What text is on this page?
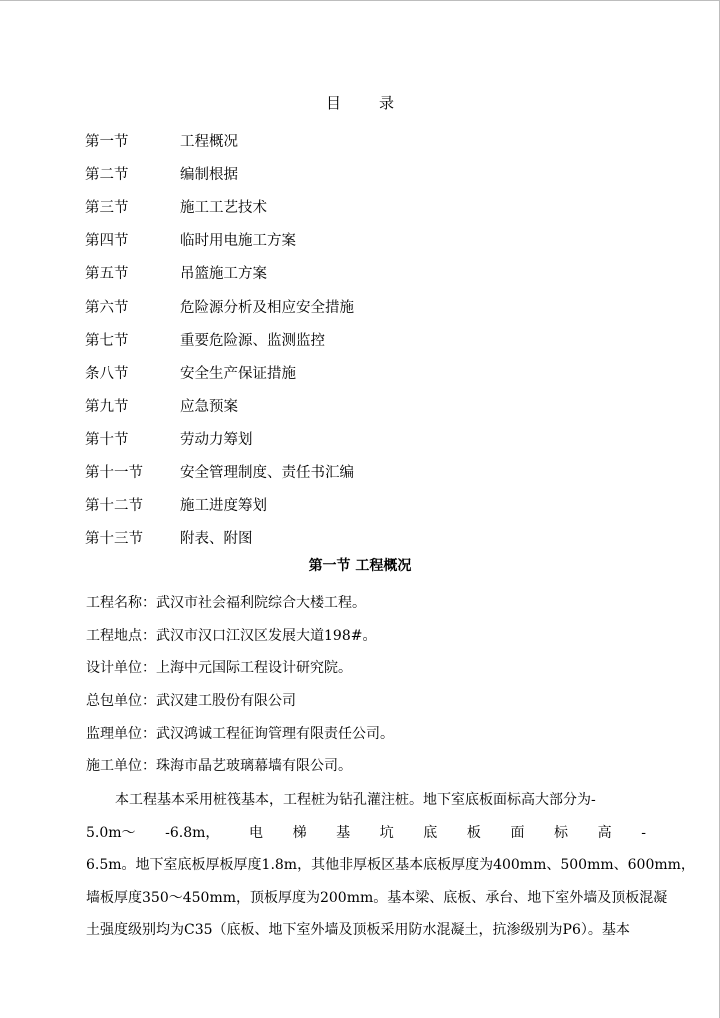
目	录
第一节	工程概况
第二节	编制根据
第三节	施工工艺技术
第四节	临时用电施工方案
第五节	吊篮施工方案
第六节	危险源分析及相应安全措施
第七节	重要危险源、监测监控
条八节	安全生产保证措施
第九节	应急预案
第十节	劳动力筹划
第十一节	安全管理制度、责任书汇编
第十二节	施工进度筹划
第十三节	附表、附图
第一节 工程概况
工程名称： 武汉市社会福利院综合大楼工程。
工程地点： 武汉市汉口江汉区发展大道198#。
设计单位： 上海中元国际工程设计研究院。
总包单位： 武汉建工股份有限公司
监理单位： 武汉鸿诚工程征询管理有限责任公司。
施工单位： 珠海市晶艺玻璃幕墙有限公司。
本工程基本采用桩筏基本，工程桩为钻孔灌注桩。地下室底板面标高大部分为-
5.0m～ -6.8m， 电 梯 基 坑 底 板 面 标 高 -
6.5m。地下室底板厚板厚度1.8m，其他非厚板区基本底板厚度为400mm、500mm、600mm，
墙板厚度350～450mm，顶板厚度为200mm。基本梁、底板、承台、地下室外墙及顶板混凝
土强度级别均为C35（底板、地下室外墙及顶板采用防水混凝土，抗渗级别为P6）。基本
